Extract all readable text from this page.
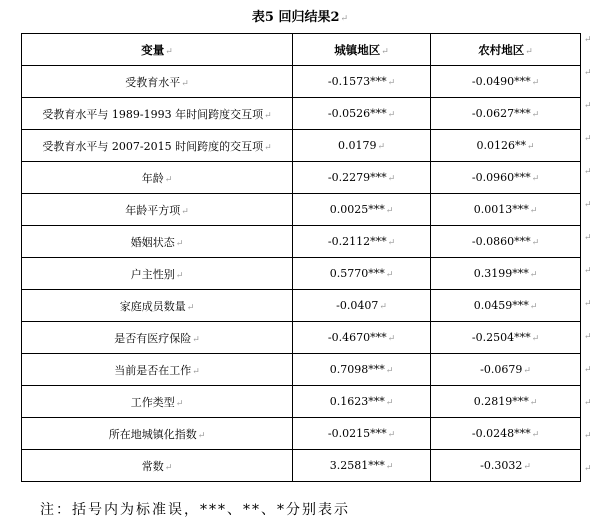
表5 回归结果2↵
变量↵	城镇地区↵	农村地区↵
受教育水平↵	-0.1573***↵	-0.0490***↵
受教育水平与 1989-1993 年时间跨度交互项↵	-0.0526***↵	-0.0627***↵
受教育水平与 2007-2015 时间跨度的交互项↵	0.0179↵	0.0126**↵
年龄↵	-0.2279***↵	-0.0960***↵
年龄平方项↵	0.0025***↵	0.0013***↵
婚姻状态↵	-0.2112***↵	-0.0860***↵
户主性别↵	0.5770***↵	0.3199***↵
家庭成员数量↵	-0.0407↵	0.0459***↵
是否有医疗保险↵	-0.4670***↵	-0.2504***↵
当前是否在工作↵	0.7098***↵	-0.0679↵
工作类型↵	0.1623***↵	0.2819***↵
所在地城镇化指数↵	-0.0215***↵	-0.0248***↵
常数↵	3.2581***↵	-0.3032↵
↵
↵
↵
↵
↵
↵
↵
↵
↵
↵
↵
↵
↵
↵
注：括号内为标准误，***、**、*分别表示
